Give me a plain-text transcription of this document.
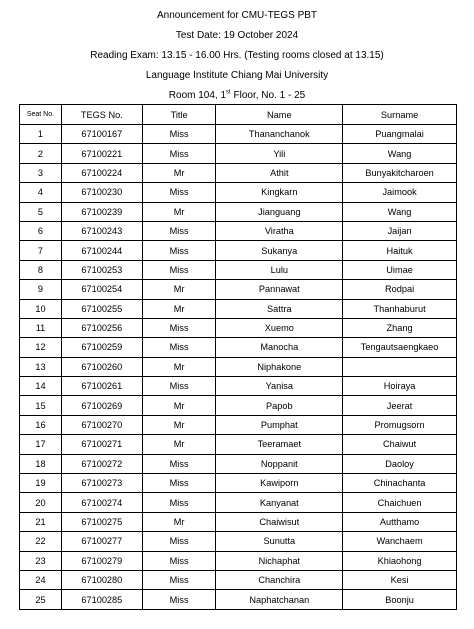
Announcement for CMU-TEGS PBT
Test Date: 19 October 2024
Reading Exam: 13.15 - 16.00 Hrs. (Testing rooms closed at 13.15)
Language Institute Chiang Mai University
Room 104, 1st Floor, No. 1 - 25
Seat No.	TEGS No.	Title	Name	Surname
1	67100167	Miss	Thananchanok	Puangmalai
2	67100221	Miss	Yili	Wang
3	67100224	Mr	Athit	Bunyakitcharoen
4	67100230	Miss	Kingkarn	Jaimook
5	67100239	Mr	Jianguang	Wang
6	67100243	Miss	Viratha	Jaijan
7	67100244	Miss	Sukanya	Haituk
8	67100253	Miss	Lulu	Uimae
9	67100254	Mr	Pannawat	Rodpai
10	67100255	Mr	Sattra	Thanhaburut
11	67100256	Miss	Xuemo	Zhang
12	67100259	Miss	Manocha	Tengautsaengkaeo
13	67100260	Mr	Niphakone	
14	67100261	Miss	Yanisa	Hoiraya
15	67100269	Mr	Papob	Jeerat
16	67100270	Mr	Pumphat	Promugsorn
17	67100271	Mr	Teeramaet	Chaiwut
18	67100272	Miss	Noppanit	Daoloy
19	67100273	Miss	Kawiporn	Chinachanta
20	67100274	Miss	Kanyanat	Chaichuen
21	67100275	Mr	Chaiwisut	Autthamo
22	67100277	Miss	Sunutta	Wanchaem
23	67100279	Miss	Nichaphat	Khiaohong
24	67100280	Miss	Chanchira	Kesi
25	67100285	Miss	Naphatchanan	Boonju
